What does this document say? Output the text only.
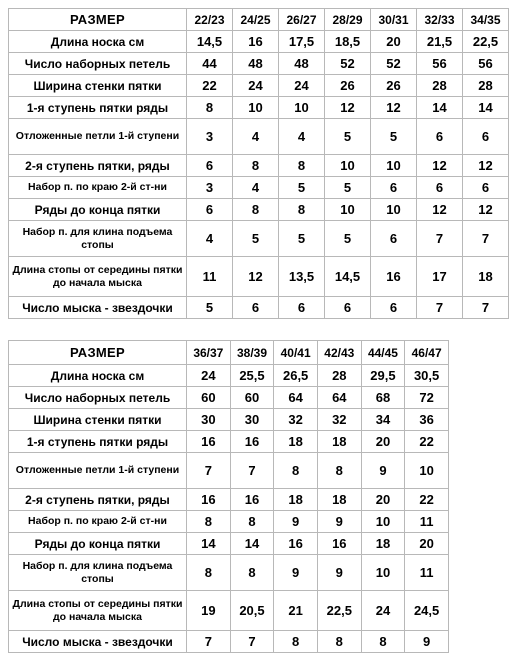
РАЗМЕР	22/23	24/25	26/27	28/29	30/31	32/33	34/35
Длина носка см	14,5	16	17,5	18,5	20	21,5	22,5
Число наборных петель	44	48	48	52	52	56	56
Ширина стенки пятки	22	24	24	26	26	28	28
1-я ступень пятки ряды	8	10	10	12	12	14	14
Отложенные петли 1-й ступени	3	4	4	5	5	6	6
2-я ступень пятки, ряды	6	8	8	10	10	12	12
Набор п. по краю 2-й ст-ни	3	4	5	5	6	6	6
Ряды до конца пятки	6	8	8	10	10	12	12
Набор п. для клина подъема стопы	4	5	5	5	6	7	7
Длина стопы от середины пятки до начала мыска	11	12	13,5	14,5	16	17	18
Число мыска - звездочки	5	6	6	6	6	7	7
РАЗМЕР	36/37	38/39	40/41	42/43	44/45	46/47
Длина носка см	24	25,5	26,5	28	29,5	30,5
Число наборных петель	60	60	64	64	68	72
Ширина стенки пятки	30	30	32	32	34	36
1-я ступень пятки ряды	16	16	18	18	20	22
Отложенные петли 1-й ступени	7	7	8	8	9	10
2-я ступень пятки, ряды	16	16	18	18	20	22
Набор п. по краю 2-й ст-ни	8	8	9	9	10	11
Ряды до конца пятки	14	14	16	16	18	20
Набор п. для клина подъема стопы	8	8	9	9	10	11
Длина стопы от середины пятки до начала мыска	19	20,5	21	22,5	24	24,5
Число мыска - звездочки	7	7	8	8	8	9
